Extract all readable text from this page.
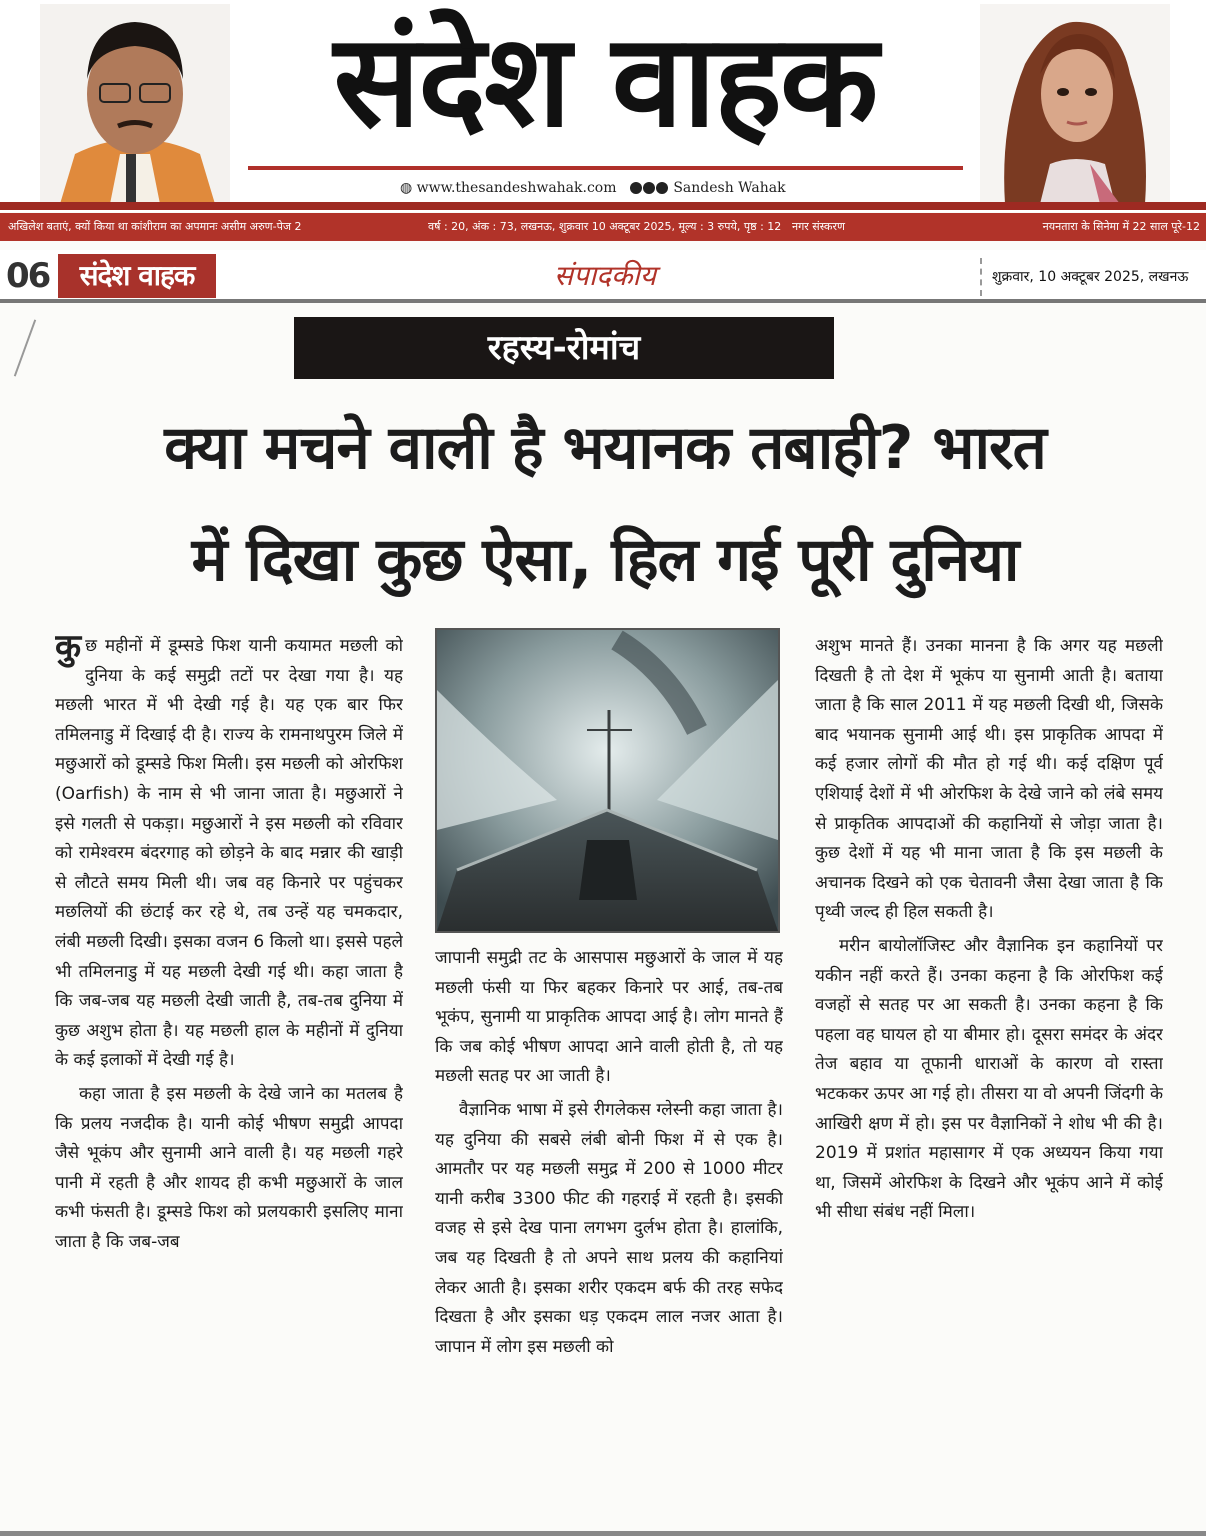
संदेश वाहक
◍ www.thesandeshwahak.com	Sandesh Wahak
अखिलेश बताएं, क्यों किया था कांशीराम का अपमानः असीम अरुण-पेज 2	वर्ष : 20, अंक : 73, लखनऊ, शुक्रवार 10 अक्टूबर 2025, मूल्य : 3 रुपये, पृष्ठ : 12 नगर संस्करण	नयनतारा के सिनेमा में 22 साल पूरे-12
06	संदेश वाहक	संपादकीय	शुक्रवार, 10 अक्टूबर 2025, लखनऊ
रहस्य-रोमांच
क्या मचने वाली है भयानक तबाही? भारत
में दिखा कुछ ऐसा, हिल गई पूरी दुनिया

कु छ महीनों में डूम्सडे फिश यानी कयामत मछली को दुनिया के कई समुद्री तटों पर देखा गया है। यह मछली भारत में भी देखी गई है। यह एक बार फिर तमिलनाडु में दिखाई दी है। राज्य के रामनाथपुरम जिले में मछुआरों को डूम्सडे फिश मिली। इस मछली को ओरफिश (Oarfish) के नाम से भी जाना जाता है। मछुआरों ने इसे गलती से पकड़ा। मछुआरों ने इस मछली को रविवार को रामेश्वरम बंदरगाह को छोड़ने के बाद मन्नार की खाड़ी से लौटते समय मिली थी। जब वह किनारे पर पहुंचकर मछलियों की छंटाई कर रहे थे, तब उन्हें यह चमकदार, लंबी मछली दिखी। इसका वजन 6 किलो था। इससे पहले भी तमिलनाडु में यह मछली देखी गई थी। कहा जाता है कि जब-जब यह मछली देखी जाती है, तब-तब दुनिया में कुछ अशुभ होता है। यह मछली हाल के महीनों में दुनिया के कई इलाकों में देखी गई है।

कहा जाता है इस मछली के देखे जाने का मतलब है कि प्रलय नजदीक है। यानी कोई भीषण समुद्री आपदा जैसे भूकंप और सुनामी आने वाली है। यह मछली गहरे पानी में रहती है और शायद ही कभी मछुआरों के जाल कभी फंसती है। डूम्सडे फिश को प्रलयकारी इसलिए माना जाता है कि जब-जब

जापानी समुद्री तट के आसपास मछुआरों के जाल में यह मछली फंसी या फिर बहकर किनारे पर आई, तब-तब भूकंप, सुनामी या प्राकृतिक आपदा आई है। लोग मानते हैं कि जब कोई भीषण आपदा आने वाली होती है, तो यह मछली सतह पर आ जाती है।

वैज्ञानिक भाषा में इसे रीगलेकस ग्लेस्नी कहा जाता है। यह दुनिया की सबसे लंबी बोनी फिश में से एक है। आमतौर पर यह मछली समुद्र में 200 से 1000 मीटर यानी करीब 3300 फीट की गहराई में रहती है। इसकी वजह से इसे देख पाना लगभग दुर्लभ होता है। हालांकि, जब यह दिखती है तो अपने साथ प्रलय की कहानियां लेकर आती है। इसका शरीर एकदम बर्फ की तरह सफेद दिखता है और इसका धड़ एकदम लाल नजर आता है। जापान में लोग इस मछली को

अशुभ मानते हैं। उनका मानना है कि अगर यह मछली दिखती है तो देश में भूकंप या सुनामी आती है। बताया जाता है कि साल 2011 में यह मछली दिखी थी, जिसके बाद भयानक सुनामी आई थी। इस प्राकृतिक आपदा में कई हजार लोगों की मौत हो गई थी। कई दक्षिण पूर्व एशियाई देशों में भी ओरफिश के देखे जाने को लंबे समय से प्राकृतिक आपदाओं की कहानियों से जोड़ा जाता है। कुछ देशों में यह भी माना जाता है कि इस मछली के अचानक दिखने को एक चेतावनी जैसा देखा जाता है कि पृथ्वी जल्द ही हिल सकती है।

मरीन बायोलॉजिस्ट और वैज्ञानिक इन कहानियों पर यकीन नहीं करते हैं। उनका कहना है कि ओरफिश कई वजहों से सतह पर आ सकती है। उनका कहना है कि पहला वह घायल हो या बीमार हो। दूसरा समंदर के अंदर तेज बहाव या तूफानी धाराओं के कारण वो रास्ता भटककर ऊपर आ गई हो। तीसरा या वो अपनी जिंदगी के आखिरी क्षण में हो। इस पर वैज्ञानिकों ने शोध भी की है। 2019 में प्रशांत महासागर में एक अध्ययन किया गया था, जिसमें ओरफिश के दिखने और भूकंप आने में कोई भी सीधा संबंध नहीं मिला।
